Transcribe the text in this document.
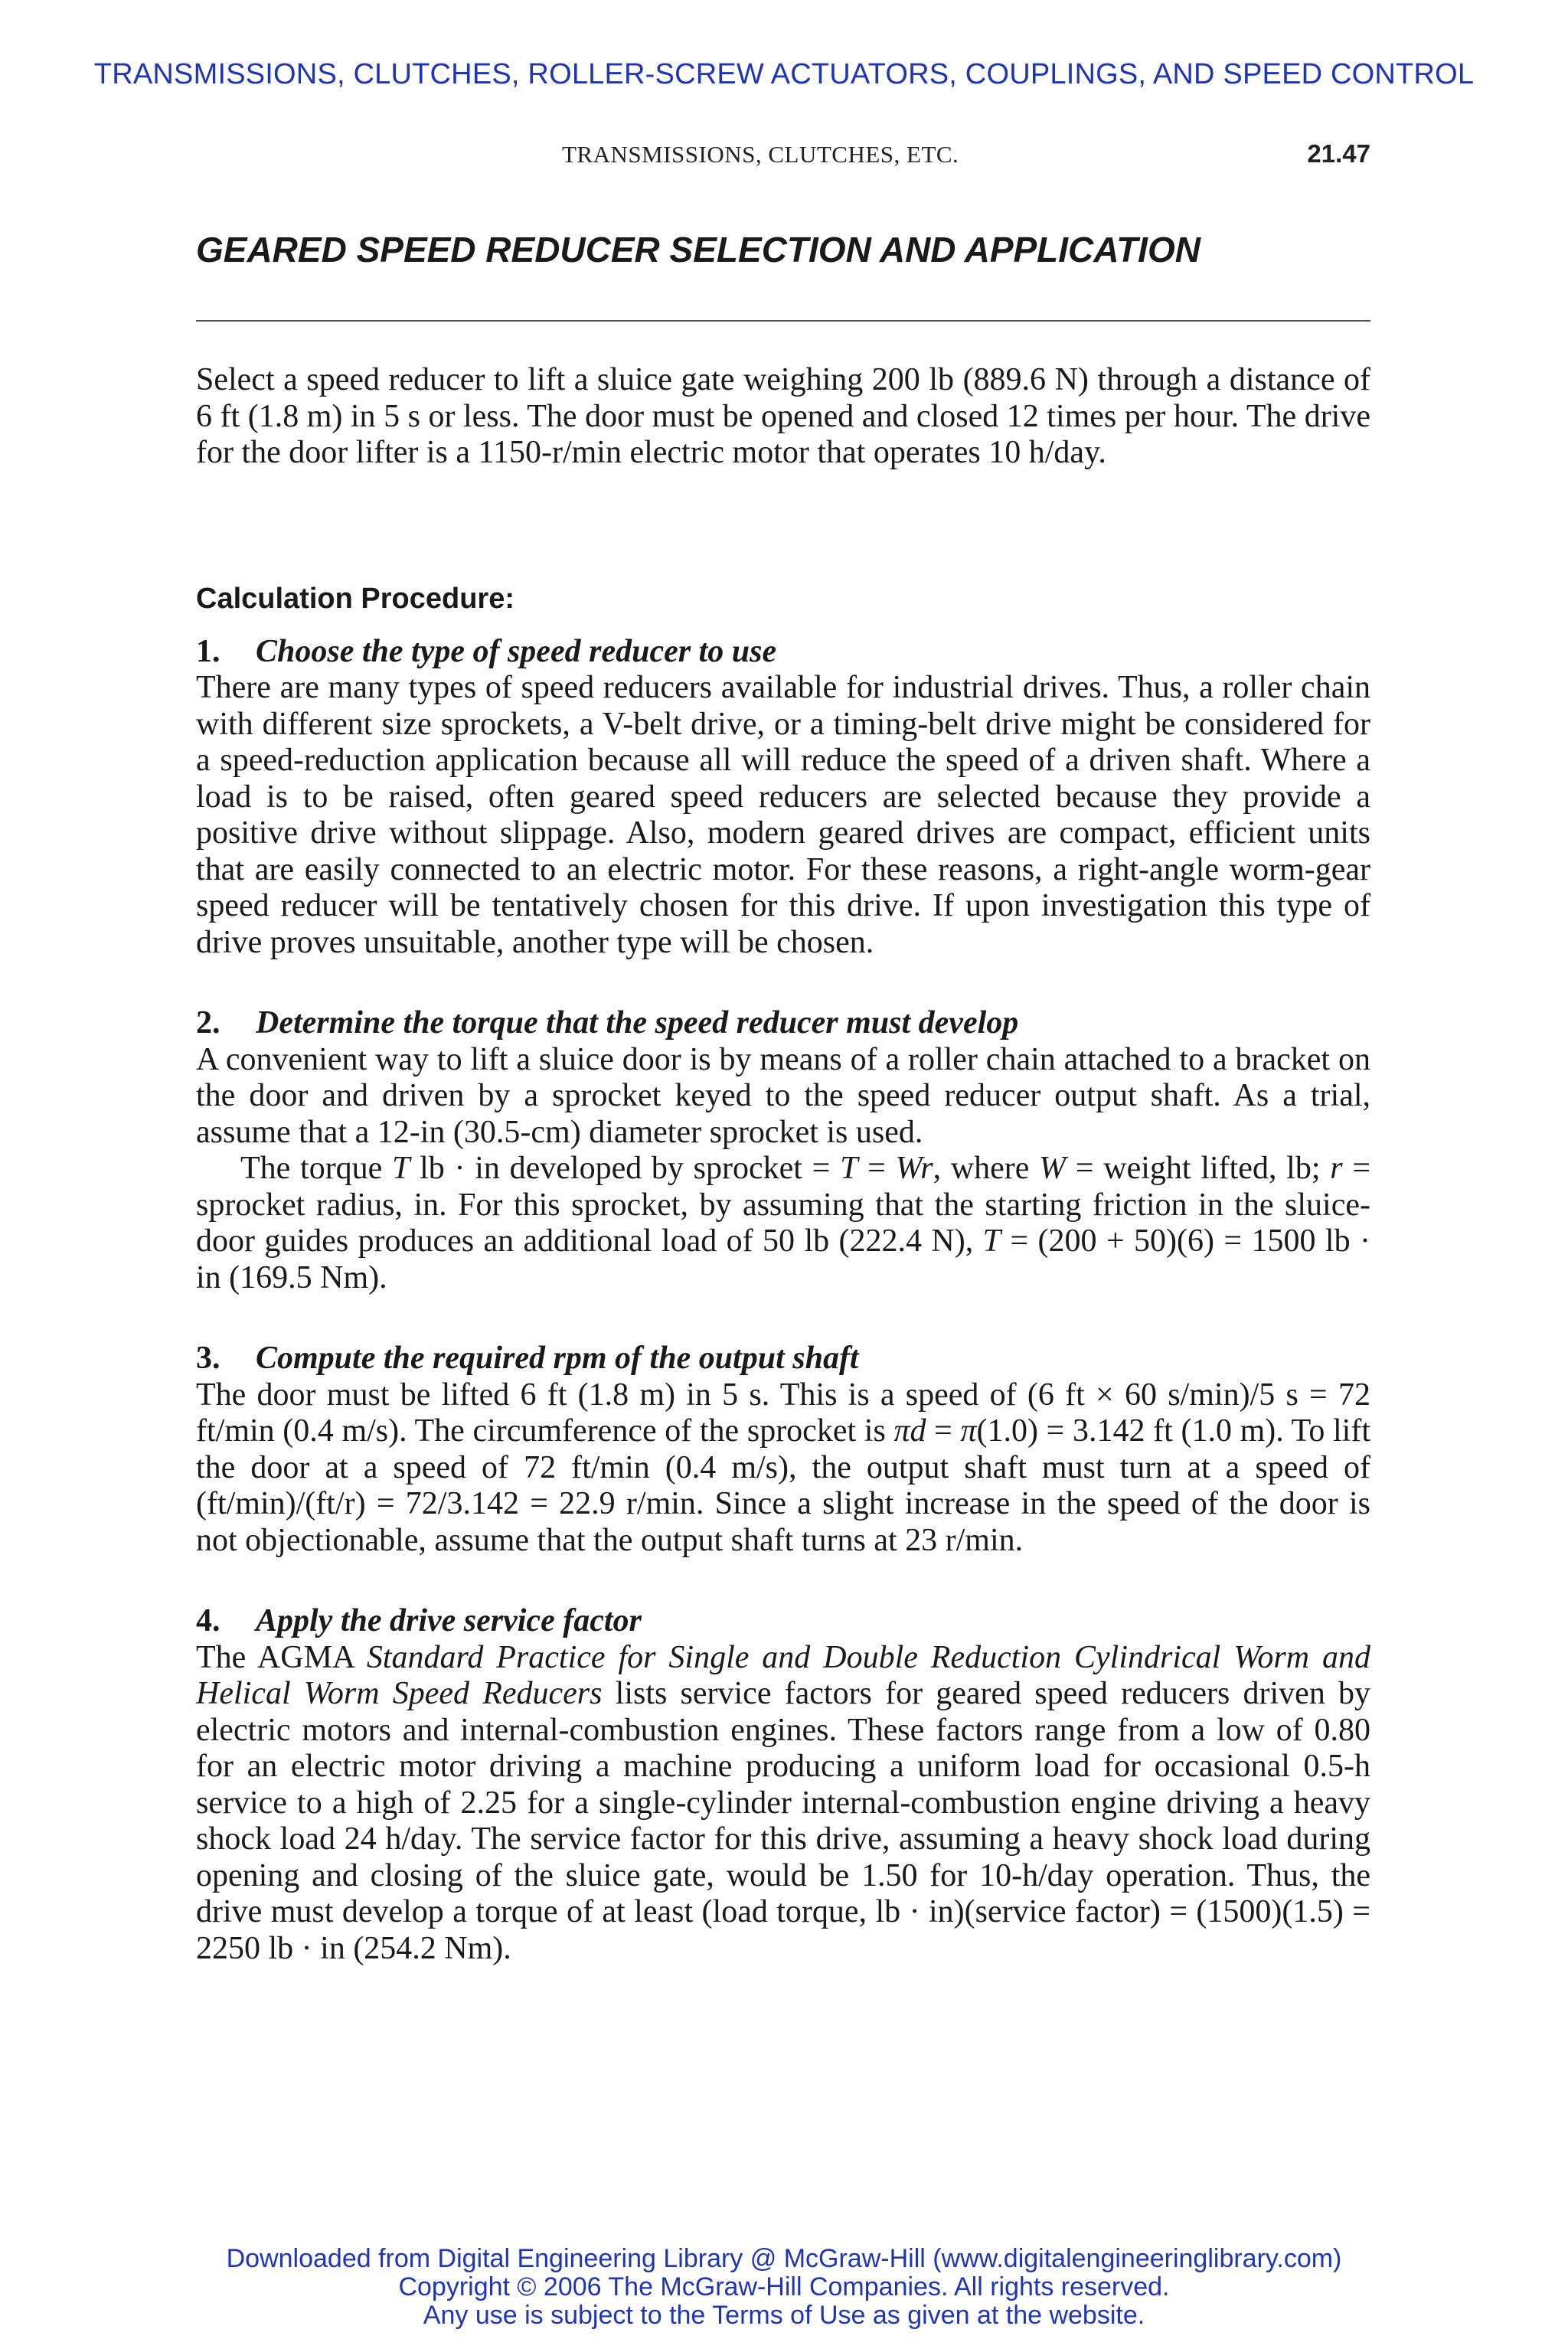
TRANSMISSIONS, CLUTCHES, ROLLER-SCREW ACTUATORS, COUPLINGS, AND SPEED CONTROL
TRANSMISSIONS, CLUTCHES, ETC.	21.47
GEARED SPEED REDUCER SELECTION AND APPLICATION

Select a speed reducer to lift a sluice gate weighing 200 lb (889.6 N) through a distance of 6 ft (1.8 m) in 5 s or less. The door must be opened and closed 12 times per hour. The drive for the door lifter is a 1150-r/min electric motor that operates 10 h/day.

Calculation Procedure:
1. Choose the type of speed reducer to use

There are many types of speed reducers available for industrial drives. Thus, a roller chain with different size sprockets, a V-belt drive, or a timing-belt drive might be considered for a speed-reduction application because all will reduce the speed of a driven shaft. Where a load is to be raised, often geared speed reducers are selected because they provide a positive drive without slippage. Also, modern geared drives are compact, efficient units that are easily connected to an electric motor. For these reasons, a right-angle worm-gear speed reducer will be tentatively chosen for this drive. If upon investigation this type of drive proves unsuitable, another type will be chosen.

2. Determine the torque that the speed reducer must develop

A convenient way to lift a sluice door is by means of a roller chain attached to a bracket on the door and driven by a sprocket keyed to the speed reducer output shaft. As a trial, assume that a 12-in (30.5-cm) diameter sprocket is used.

The torque T lb · in developed by sprocket = T = Wr, where W = weight lifted, lb; r = sprocket radius, in. For this sprocket, by assuming that the starting friction in the sluice-door guides produces an additional load of 50 lb (222.4 N), T = (200 + 50)(6) = 1500 lb · in (169.5 Nm).

3. Compute the required rpm of the output shaft

The door must be lifted 6 ft (1.8 m) in 5 s. This is a speed of (6 ft × 60 s/min)/5 s = 72 ft/min (0.4 m/s). The circumference of the sprocket is πd = π(1.0) = 3.142 ft (1.0 m). To lift the door at a speed of 72 ft/min (0.4 m/s), the output shaft must turn at a speed of (ft/min)/(ft/r) = 72/3.142 = 22.9 r/min. Since a slight increase in the speed of the door is not objectionable, assume that the output shaft turns at 23 r/min.

4. Apply the drive service factor

The AGMA Standard Practice for Single and Double Reduction Cylindrical Worm and Helical Worm Speed Reducers lists service factors for geared speed reducers driven by electric motors and internal-combustion engines. These factors range from a low of 0.80 for an electric motor driving a machine producing a uniform load for occasional 0.5-h service to a high of 2.25 for a single-cylinder internal-combustion engine driving a heavy shock load 24 h/day. The service factor for this drive, assuming a heavy shock load during opening and closing of the sluice gate, would be 1.50 for 10-h/day operation. Thus, the drive must develop a torque of at least (load torque, lb · in)(service factor) = (1500)(1.5) = 2250 lb · in (254.2 Nm).

Downloaded from Digital Engineering Library @ McGraw-Hill (www.digitalengineeringlibrary.com)
Copyright © 2006 The McGraw-Hill Companies. All rights reserved.
Any use is subject to the Terms of Use as given at the website.
